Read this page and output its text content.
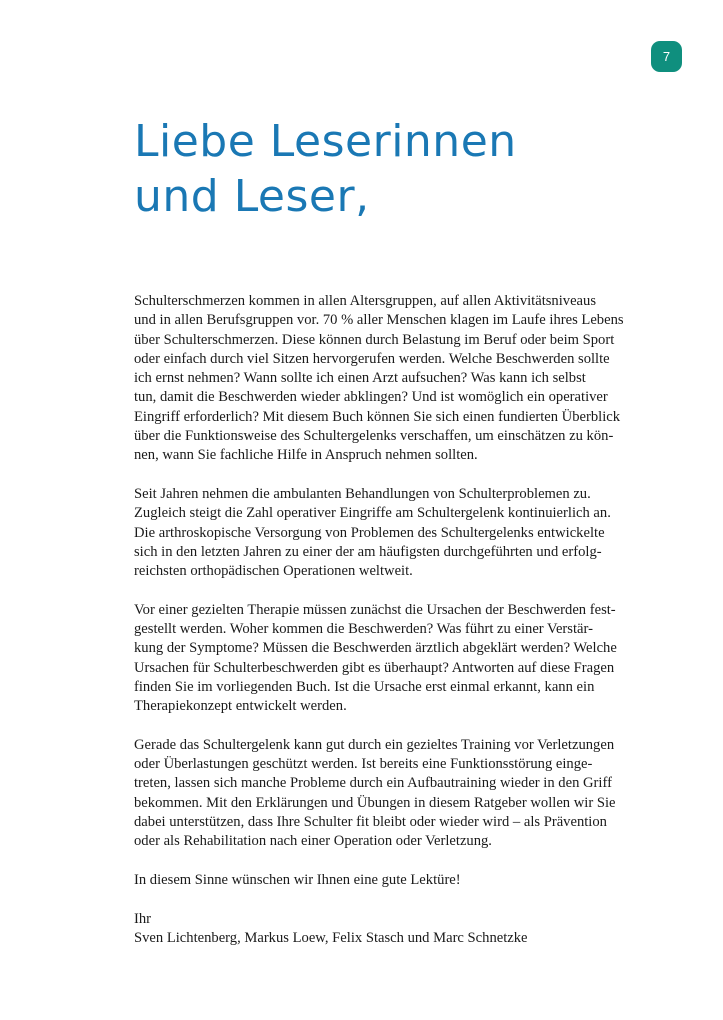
7
Liebe Leserinnen
und Leser,

Schulterschmerzen kommen in allen Altersgruppen, auf allen Aktivitätsniveaus
und in allen Berufsgruppen vor. 70 % aller Menschen klagen im Laufe ihres Lebens
über Schulterschmerzen. Diese können durch Belastung im Beruf oder beim Sport
oder einfach durch viel Sitzen hervorgerufen werden. Welche Beschwerden sollte
ich ernst nehmen? Wann sollte ich einen Arzt aufsuchen? Was kann ich selbst
tun, damit die Beschwerden wieder abklingen? Und ist womöglich ein operativer
Eingriff erforderlich? Mit diesem Buch können Sie sich einen fundierten Überblick
über die Funktionsweise des Schultergelenks verschaffen, um einschätzen zu kön-
nen, wann Sie fachliche Hilfe in Anspruch nehmen sollten.

Seit Jahren nehmen die ambulanten Behandlungen von Schulterproblemen zu.
Zugleich steigt die Zahl operativer Eingriffe am Schultergelenk kontinuierlich an.
Die arthroskopische Versorgung von Problemen des Schultergelenks entwickelte
sich in den letzten Jahren zu einer der am häufigsten durchgeführten und erfolg-
reichsten orthopädischen Operationen weltweit.

Vor einer gezielten Therapie müssen zunächst die Ursachen der Beschwerden fest-
gestellt werden. Woher kommen die Beschwerden? Was führt zu einer Verstär-
kung der Symptome? Müssen die Beschwerden ärztlich abgeklärt werden? Welche
Ursachen für Schulterbeschwerden gibt es überhaupt? Antworten auf diese Fragen
finden Sie im vorliegenden Buch. Ist die Ursache erst einmal erkannt, kann ein
Therapiekonzept entwickelt werden.

Gerade das Schultergelenk kann gut durch ein gezieltes Training vor Verletzungen
oder Überlastungen geschützt werden. Ist bereits eine Funktionsstörung einge-
treten, lassen sich manche Probleme durch ein Aufbautraining wieder in den Griff
bekommen. Mit den Erklärungen und Übungen in diesem Ratgeber wollen wir Sie
dabei unterstützen, dass Ihre Schulter fit bleibt oder wieder wird – als Prävention
oder als Rehabilitation nach einer Operation oder Verletzung.

In diesem Sinne wünschen wir Ihnen eine gute Lektüre!

Ihr
Sven Lichtenberg, Markus Loew, Felix Stasch und Marc Schnetzke
